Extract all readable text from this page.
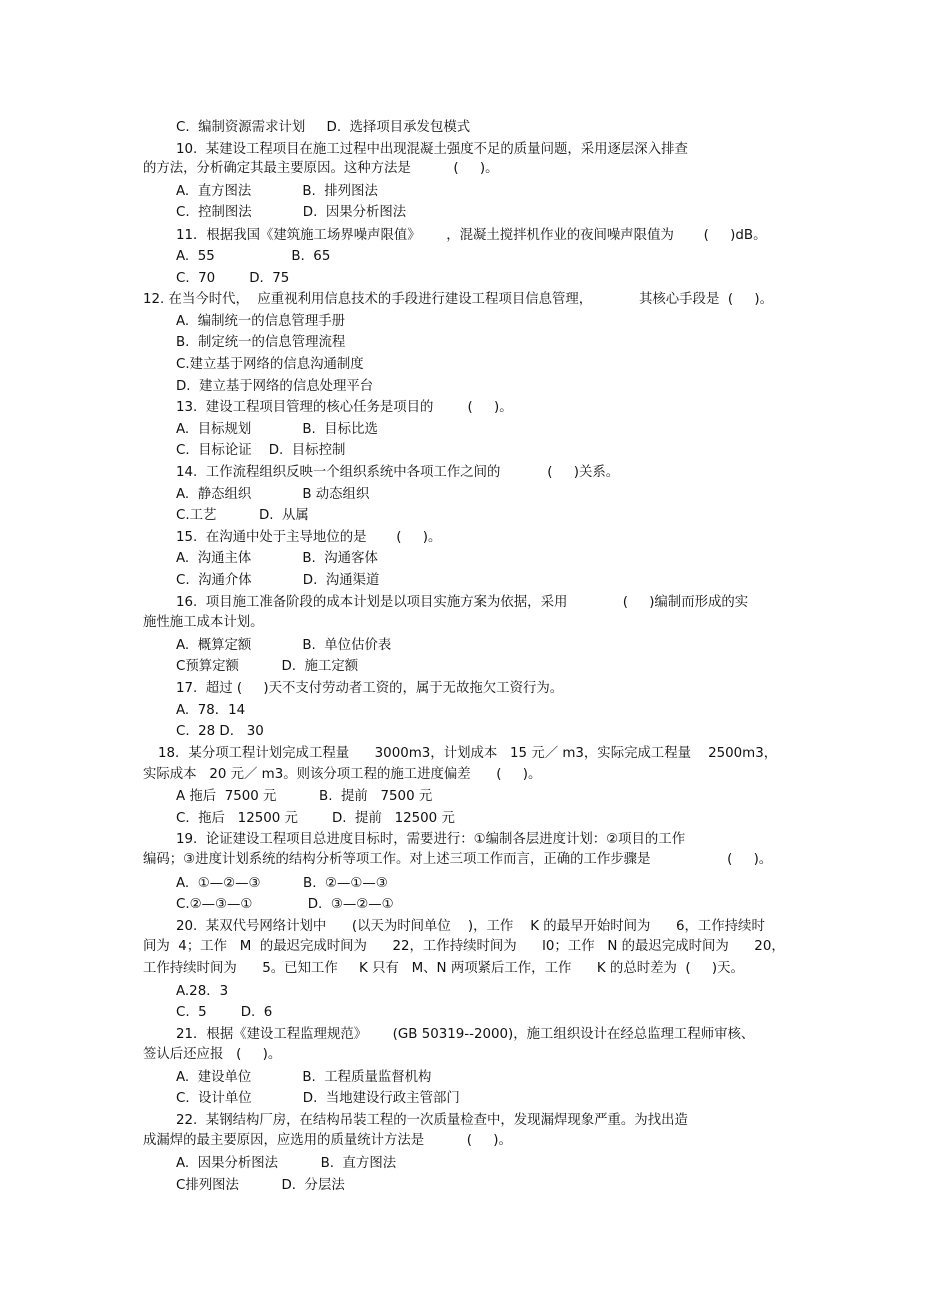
C.  编制资源需求计划     D.  选择项目承发包模式
10.  某建设工程项目在施工过程中出现混凝土强度不足的质量问题，采用逐层深入排查
的方法，分析确定其最主要原因。这种方法是          (     )。
A.  直方图法            B.  排列图法
C.  控制图法            D.  因果分析图法
11．根据我国《建筑施工场界噪声限值》      ，混凝土搅拌机作业的夜间噪声限值为       (     )dB。
A.  55                  B.  65
C.  70        D.  75
12. 在当今时代，  应重视利用信息技术的手段进行建设工程项目信息管理，           其核心手段是  (     )。
A.  编制统一的信息管理手册
B.  制定统一的信息管理流程
C.建立基于网络的信息沟通制度
D.  建立基于网络的信息处理平台
13.  建设工程项目管理的核心任务是项目的        (     )。
A.  目标规划            B.  目标比选
C.  目标论证    D.  目标控制
14.  工作流程组织反映一个组织系统中各项工作之间的           (     )关系。
A.  静态组织            B 动态组织
C.工艺          D.  从属
15.  在沟通中处于主导地位的是       (     )。
A.  沟通主体            B.  沟通客体
C.  沟通介体            D.  沟通渠道
16.  项目施工准备阶段的成本计划是以项目实施方案为依据，采用             (     )编制而形成的实
施性施工成本计划。
A.  概算定额            B.  单位估价表
C预算定额          D.  施工定额
17.  超过 (     )天不支付劳动者工资的，属于无故拖欠工资行为。
A.  78．14
C.  28 D.   30
18．某分项工程计划完成工程量      3000m3，计划成本   15 元／ m3，实际完成工程量    2500m3，
实际成本   20 元／ m3。则该分项工程的施工进度偏差      (     )。
A 拖后  7500 元          B.  提前   7500 元
C.  拖后   12500 元        D.  提前   12500 元
19.  论证建设工程项目总进度目标时，需要进行：①编制各层进度计划：②项目的工作
编码；③进度计划系统的结构分析等项工作。对上述三项工作而言，正确的工作步骤是                  (     )。
A.  ①—②—③          B.  ②—①—③
C.②—③—①             D.  ③—②—①
20.  某双代号网络计划中      (以天为时间单位    )，工作    K 的最早开始时间为      6，工作持续时
间为  4；工作   M  的最迟完成时间为      22，工作持续时间为      l0；工作   N 的最迟完成时间为      20，
工作持续时间为      5。已知工作     K 只有   M、N 两项紧后工作，工作      K 的总时差为  (     )天。
A.28．3
C.  5        D.  6
21．根据《建设工程监理规范》      (GB 50319--2000)，施工组织设计在经总监理工程师审核、
签认后还应报   (     )。
A.  建设单位            B.  工程质量监督机构
C.  设计单位            D.  当地建设行政主管部门
22.  某钢结构厂房，在结构吊装工程的一次质量检查中，发现漏焊现象严重。为找出造
成漏焊的最主要原因，应选用的质量统计方法是          (     )。
A.  因果分析图法          B.  直方图法
C排列图法          D.  分层法
